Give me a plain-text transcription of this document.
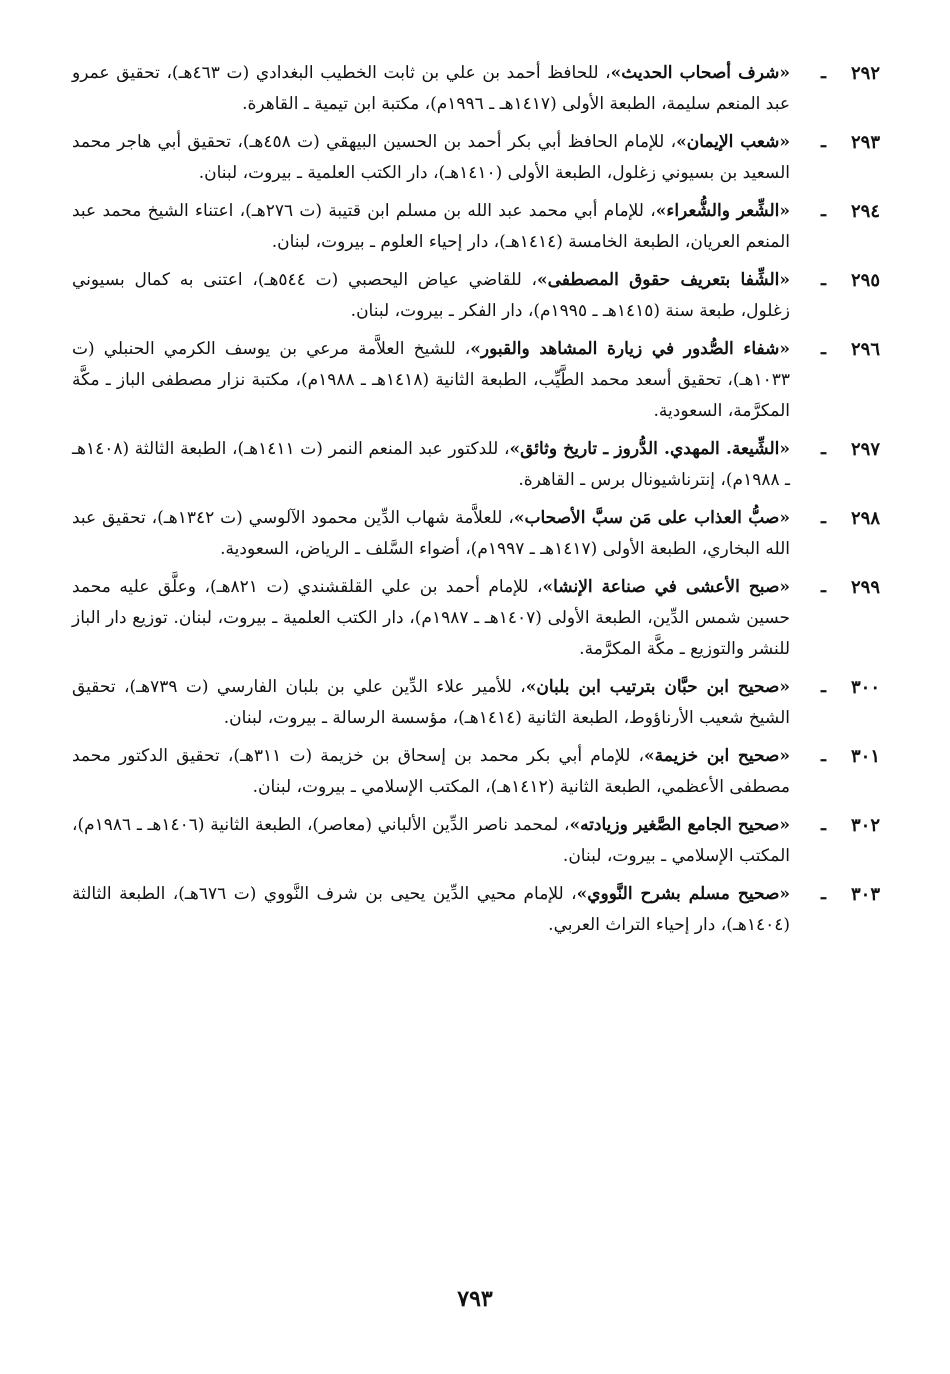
٢٩٢
ـ
«شرف أصحاب الحديث»، للحافظ أحمد بن علي بن ثابت الخطيب البغدادي (ت ٤٦٣هـ)، تحقيق عمرو عبد المنعم سليمة، الطبعة الأولى (١٤١٧هـ ـ ١٩٩٦م)، مكتبة ابن تيمية ـ القاهرة.
٢٩٣
ـ
«شعب الإيمان»، للإمام الحافظ أبي بكر أحمد بن الحسين البيهقي (ت ٤٥٨هـ)، تحقيق أبي هاجر محمد السعيد بن بسيوني زغلول، الطبعة الأولى (١٤١٠هـ)، دار الكتب العلمية ـ بيروت، لبنان.
٢٩٤
ـ
«الشِّعر والشُّعراء»، للإمام أبي محمد عبد الله بن مسلم ابن قتيبة (ت ٢٧٦هـ)، اعتناء الشيخ محمد عبد المنعم العريان، الطبعة الخامسة (١٤١٤هـ)، دار إحياء العلوم ـ بيروت، لبنان.
٢٩٥
ـ
«الشِّفا بتعريف حقوق المصطفى»، للقاضي عياض اليحصبي (ت ٥٤٤هـ)، اعتنى به كمال بسيوني زغلول، طبعة سنة (١٤١٥هـ ـ ١٩٩٥م)، دار الفكر ـ بيروت، لبنان.
٢٩٦
ـ
«شفاء الصُّدور في زيارة المشاهد والقبور»، للشيخ العلاَّمة مرعي بن يوسف الكرمي الحنبلي (ت ١٠٣٣هـ)، تحقيق أسعد محمد الطَّيِّب، الطبعة الثانية (١٤١٨هـ ـ ١٩٨٨م)، مكتبة نزار مصطفى الباز ـ مكَّة المكرَّمة، السعودية.
٢٩٧
ـ
«الشِّيعة. المهدي. الدُّروز ـ تاريخ وثائق»، للدكتور عبد المنعم النمر (ت ١٤١١هـ)، الطبعة الثالثة (١٤٠٨هـ ـ ١٩٨٨م)، إنترناشيونال برس ـ القاهرة.
٢٩٨
ـ
«صبُّ العذاب على مَن سبَّ الأصحاب»، للعلاَّمة شهاب الدِّين محمود الآلوسي (ت ١٣٤٢هـ)، تحقيق عبد الله البخاري، الطبعة الأولى (١٤١٧هـ ـ ١٩٩٧م)، أضواء السَّلف ـ الرياض، السعودية.
٢٩٩
ـ
«صبح الأعشى في صناعة الإنشا»، للإمام أحمد بن علي القلقشندي (ت ٨٢١هـ)، وعلَّق عليه محمد حسين شمس الدِّين، الطبعة الأولى (١٤٠٧هـ ـ ١٩٨٧م)، دار الكتب العلمية ـ بيروت، لبنان. توزيع دار الباز للنشر والتوزيع ـ مكَّة المكرَّمة.
٣٠٠
ـ
«صحيح ابن حبَّان بترتيب ابن بلبان»، للأمير علاء الدِّين علي بن بلبان الفارسي (ت ٧٣٩هـ)، تحقيق الشيخ شعيب الأرناؤوط، الطبعة الثانية (١٤١٤هـ)، مؤسسة الرسالة ـ بيروت، لبنان.
٣٠١
ـ
«صحيح ابن خزيمة»، للإمام أبي بكر محمد بن إسحاق بن خزيمة (ت ٣١١هـ)، تحقيق الدكتور محمد مصطفى الأعظمي، الطبعة الثانية (١٤١٢هـ)، المكتب الإسلامي ـ بيروت، لبنان.
٣٠٢
ـ
«صحيح الجامع الصَّغير وزيادته»، لمحمد ناصر الدِّين الألباني (معاصر)، الطبعة الثانية (١٤٠٦هـ ـ ١٩٨٦م)، المكتب الإسلامي ـ بيروت، لبنان.
٣٠٣
ـ
«صحيح مسلم بشرح النَّووي»، للإمام محيي الدِّين يحيى بن شرف النَّووي (ت ٦٧٦هـ)، الطبعة الثالثة (١٤٠٤هـ)، دار إحياء التراث العربي.
٧٩٣
